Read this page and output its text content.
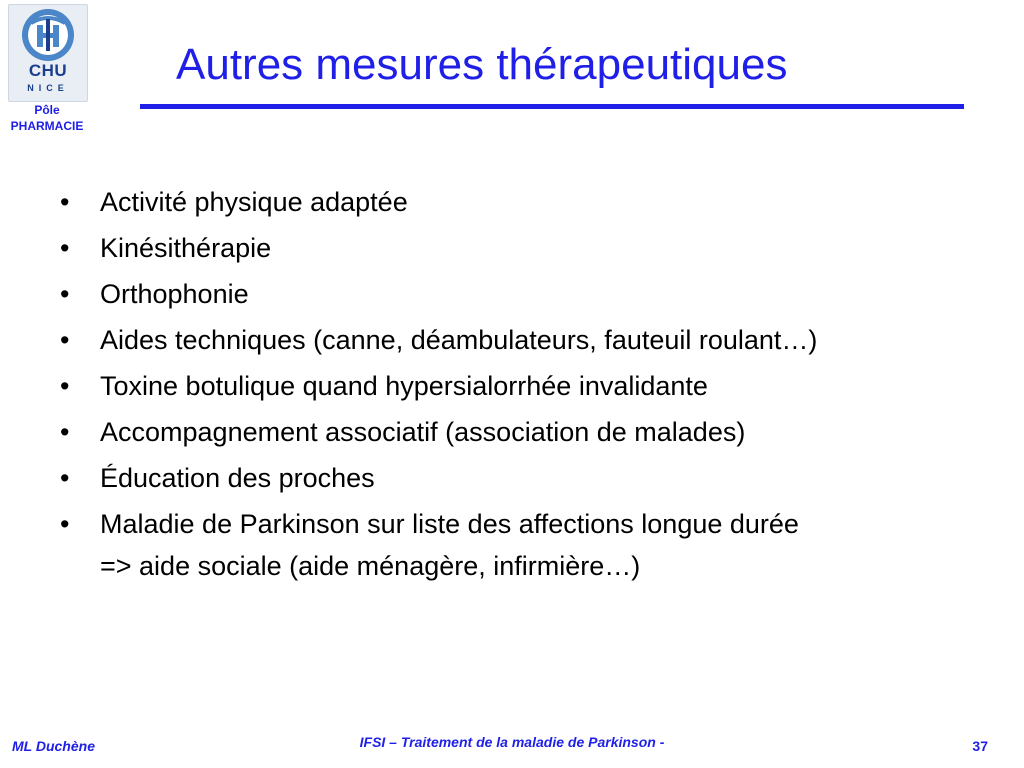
CHU
NICE
Pôle
PHARMACIE
Autres mesures thérapeutiques
• Activité physique adaptée
• Kinésithérapie
• Orthophonie
• Aides techniques (canne, déambulateurs, fauteuil roulant…)
• Toxine botulique quand hypersialorrhée invalidante
• Accompagnement associatif (association de malades)
• Éducation des proches
• Maladie de Parkinson sur liste des affections longue durée
=> aide sociale (aide ménagère, infirmière…)
ML Duchène	IFSI – Traitement de la maladie de Parkinson -	37
